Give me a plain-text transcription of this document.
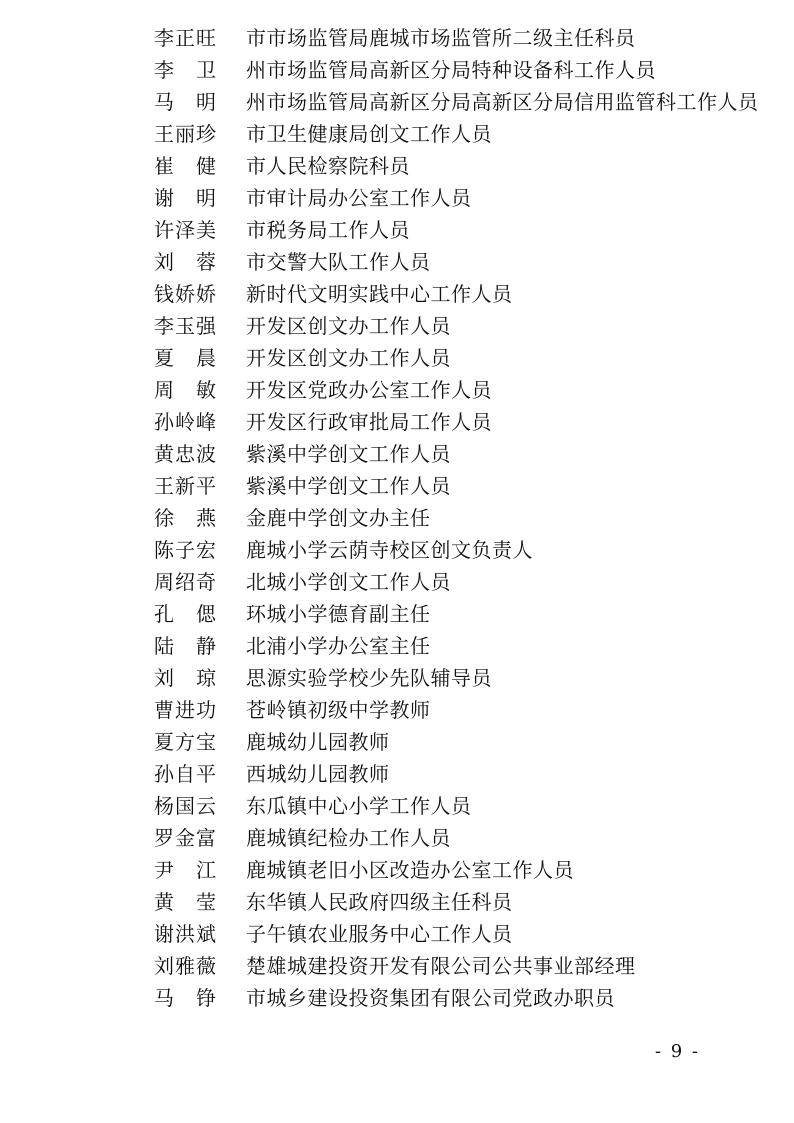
李正旺	市市场监管局鹿城市场监管所二级主任科员
李　卫	州市场监管局高新区分局特种设备科工作人员
马　明	州市场监管局高新区分局高新区分局信用监管科工作人员
王丽珍	市卫生健康局创文工作人员
崔　健	市人民检察院科员
谢　明	市审计局办公室工作人员
许泽美	市税务局工作人员
刘　蓉	市交警大队工作人员
钱娇娇	新时代文明实践中心工作人员
李玉强	开发区创文办工作人员
夏　晨	开发区创文办工作人员
周　敏	开发区党政办公室工作人员
孙岭峰	开发区行政审批局工作人员
黄忠波	紫溪中学创文工作人员
王新平	紫溪中学创文工作人员
徐　燕	金鹿中学创文办主任
陈子宏	鹿城小学云荫寺校区创文负责人
周绍奇	北城小学创文工作人员
孔　偲	环城小学德育副主任
陆　静	北浦小学办公室主任
刘　琼	思源实验学校少先队辅导员
曹进功	苍岭镇初级中学教师
夏方宝	鹿城幼儿园教师
孙自平	西城幼儿园教师
杨国云	东瓜镇中心小学工作人员
罗金富	鹿城镇纪检办工作人员
尹　江	鹿城镇老旧小区改造办公室工作人员
黄　莹	东华镇人民政府四级主任科员
谢洪斌	子午镇农业服务中心工作人员
刘雅薇	楚雄城建投资开发有限公司公共事业部经理
马　铮	市城乡建设投资集团有限公司党政办职员
- 9 -
